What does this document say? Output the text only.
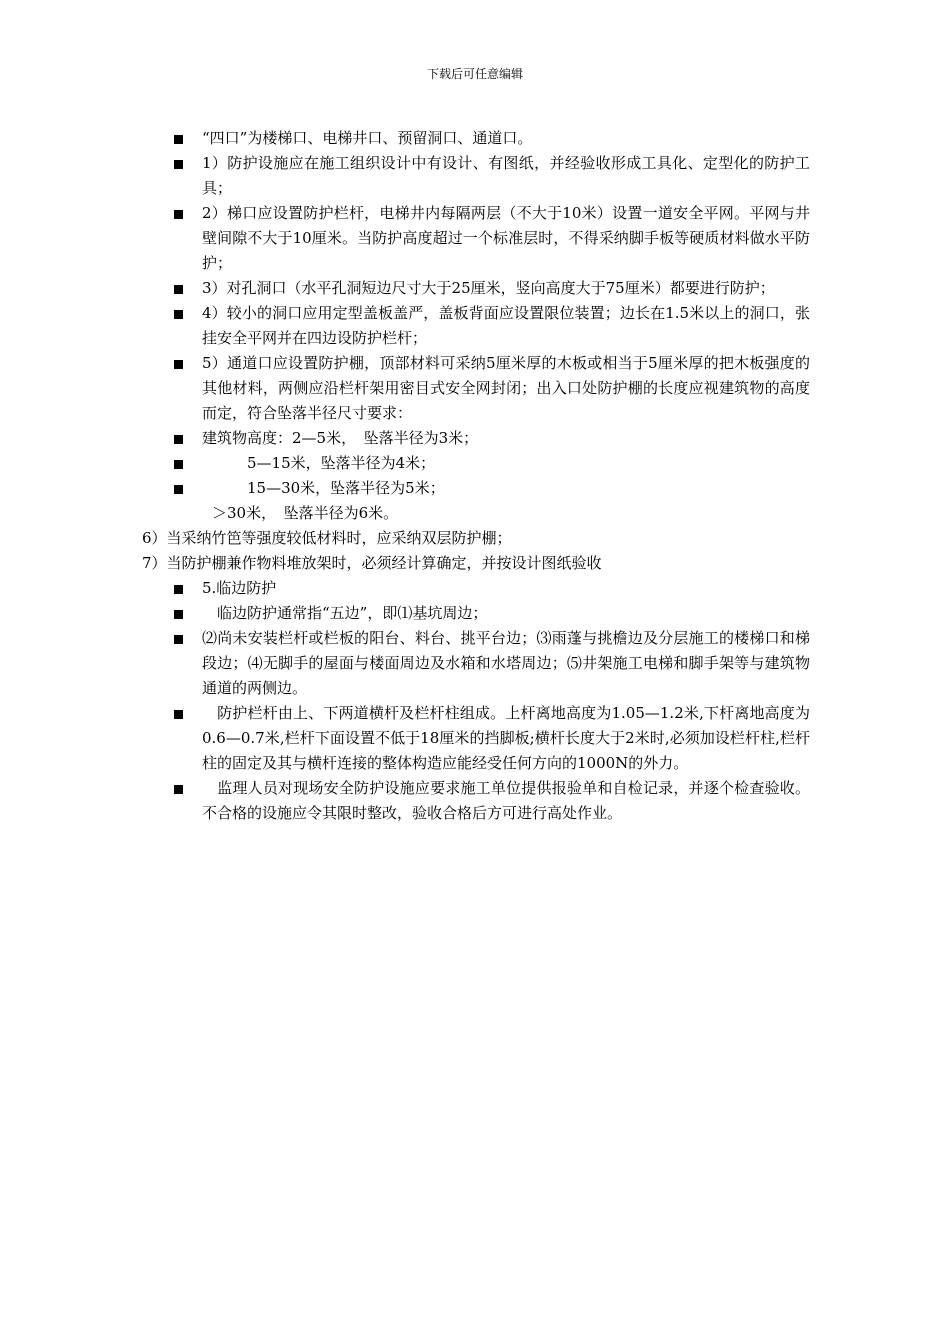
下载后可任意编辑
“四口”为楼梯口、电梯井口、预留洞口、通道口。
1）防护设施应在施工组织设计中有设计、有图纸，并经验收形成工具化、定型化的防护工具；
2）梯口应设置防护栏杆，电梯井内每隔两层（不大于10米）设置一道安全平网。平网与井壁间隙不大于10厘米。当防护高度超过一个标准层时，不得采纳脚手板等硬质材料做水平防护；
3）对孔洞口（水平孔洞短边尺寸大于25厘米，竖向高度大于75厘米）都要进行防护；
4）较小的洞口应用定型盖板盖严，盖板背面应设置限位装置；边长在1.5米以上的洞口，张挂安全平网并在四边设防护栏杆；
5）通道口应设置防护棚，顶部材料可采纳5厘米厚的木板或相当于5厘米厚的把木板强度的其他材料，两侧应沿栏杆架用密目式安全网封闭；出入口处防护棚的长度应视建筑物的高度而定，符合坠落半径尺寸要求：
建筑物高度：2—5米，　坠落半径为3米；
　　　5—15米，坠落半径为4米；
　　　15—30米，坠落半径为5米；
＞30米，　坠落半径为6米。
6）当采纳竹笆等强度较低材料时，应采纳双层防护棚；
7）当防护棚兼作物料堆放架时，必须经计算确定，并按设计图纸验收
5.临边防护
　临边防护通常指“五边”，即⑴基坑周边；
⑵尚未安装栏杆或栏板的阳台、料台、挑平台边；⑶雨蓬与挑檐边及分层施工的楼梯口和梯段边；⑷无脚手的屋面与楼面周边及水箱和水塔周边；⑸井架施工电梯和脚手架等与建筑物通道的两侧边。
　防护栏杆由上、下两道横杆及栏杆柱组成。上杆离地高度为1.05—1.2米,下杆离地高度为0.6—0.7米,栏杆下面设置不低于18厘米的挡脚板;横杆长度大于2米时,必须加设栏杆柱,栏杆柱的固定及其与横杆连接的整体构造应能经受任何方向的1000N的外力。
　监理人员对现场安全防护设施应要求施工单位提供报验单和自检记录，并逐个检查验收。不合格的设施应令其限时整改，验收合格后方可进行高处作业。
